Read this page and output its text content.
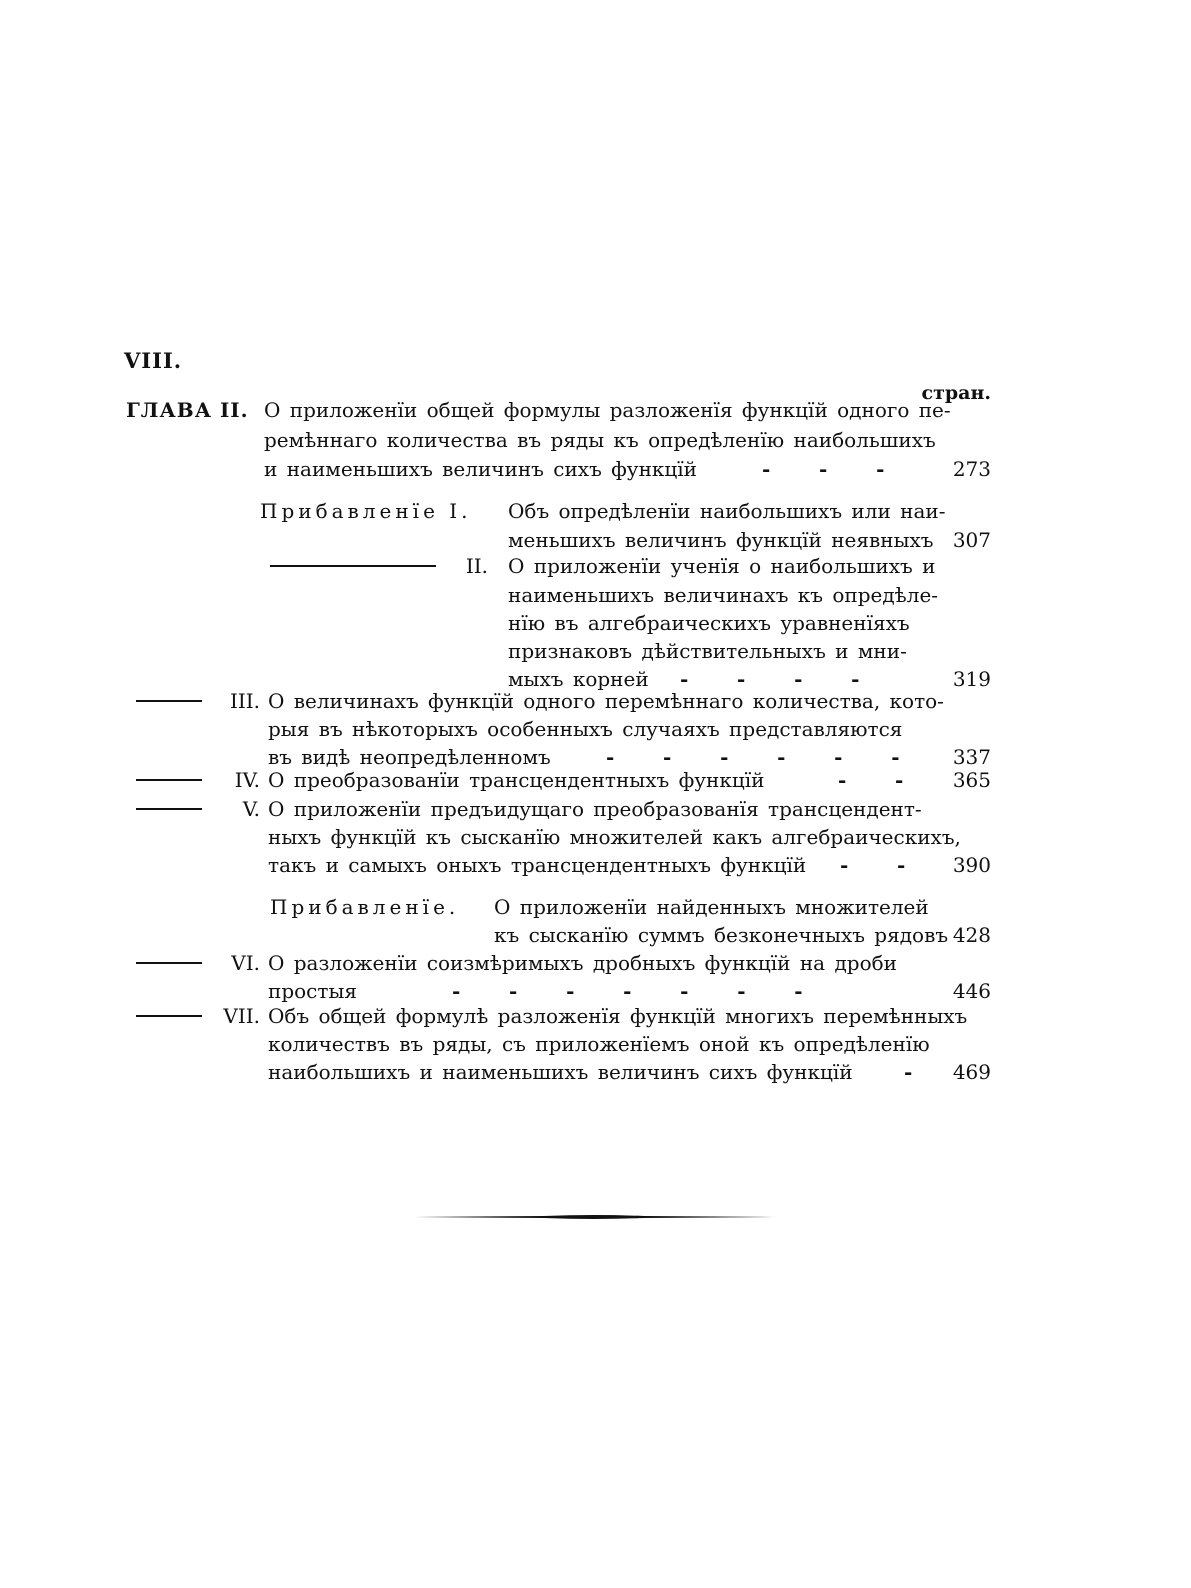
VIII.
стран.
ГЛАВА II. О приложенїи общей формулы разложенїя функцїй одного пе-
ремѣннаго количества въ ряды къ опредѣленїю наибольшихъ
и наименьшихъ величинъ сихъ функцїй	-       -       -	273
Прибавленїе I. Объ опредѣленїи наибольшихъ или наи-
меньшихъ величинъ функцїй неявныхъ 307
II. О приложенїи ученїя о наибольшихъ и
наименьшихъ величинахъ къ опредѣле-
нїю въ алгебраическихъ уравненїяхъ
признаковъ дѣйствительныхъ и мни-
мыхъ корней -       -       -       -	319
III. О величинахъ функцїй одного перемѣннаго количества, кото-
рыя въ нѣкоторыхъ особенныхъ случаяхъ представляются
въ видѣ неопредѣленномъ	-       -       -       -       -       -	337
IV. О преобразованїи трансцендентныхъ функцїй	-       - 365
V. О приложенїи предъидущаго преобразованїя трансцендент-
ныхъ функцїй къ сысканїю множителей какъ алгебраическихъ,
такъ и самыхъ оныхъ трансцендентныхъ функцїй -       - 390
Прибавленїе. О приложенїи найденныхъ множителей
къ сысканїю суммъ безконечныхъ рядовъ 428
VI. О разложенїи соизмѣримыхъ дробныхъ функцїй на дроби
простыя	-       -       -       -       -       -       -	446
VII. Объ общей формулѣ разложенїя функцїй многихъ перемѣнныхъ
количествъ въ ряды, съ приложенїемъ оной къ опредѣленїю
наибольшихъ и наименьшихъ величинъ сихъ функцїй	- 469
